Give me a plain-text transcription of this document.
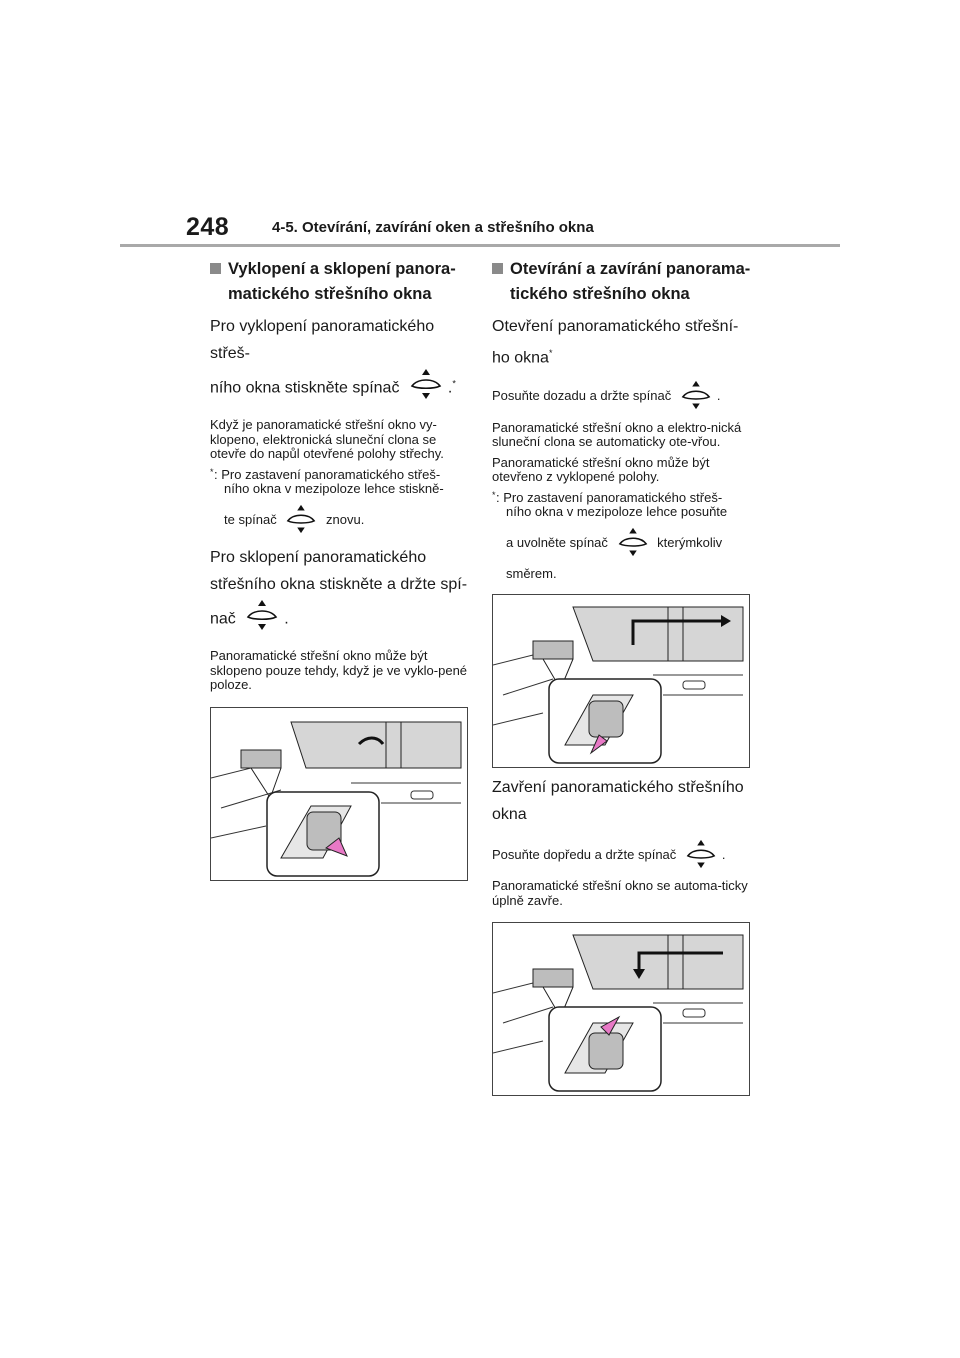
248	4-5. Otevírání, zavírání oken a střešního okna
Vyklopení a sklopení panora-
matického střešního okna
Pro vyklopení panoramatického střeš-
ního okna stiskněte spínač	.*

Když je panoramatické střešní okno vy-klopeno, elektronická sluneční clona se otevře do napůl otevřené polohy střechy.

* : Pro zastavení panoramatického střeš-
ního okna v mezipoloze lehce stiskně-
te spínač	znovu.
Pro sklopení panoramatického
střešního okna stiskněte a držte spí-
nač	.

Panoramatické střešní okno může být sklopeno pouze tehdy, když je ve vyklo-pené poloze.

Otevírání a zavírání panorama-
tického střešního okna
Otevření panoramatického střešní-
ho okna*
Posuňte dozadu a držte spínač	.

Panoramatické střešní okno a elektro-nická sluneční clona se automaticky ote-vřou.

Panoramatické střešní okno může být otevřeno z vyklopené polohy.

* : Pro zastavení panoramatického střeš-
ního okna v mezipoloze lehce posuňte
a uvolněte spínač	kterýmkoliv
směrem.
Zavření panoramatického střešního
okna
Posuňte dopředu a držte spínač	.

Panoramatické střešní okno se automa-ticky úplně zavře.
